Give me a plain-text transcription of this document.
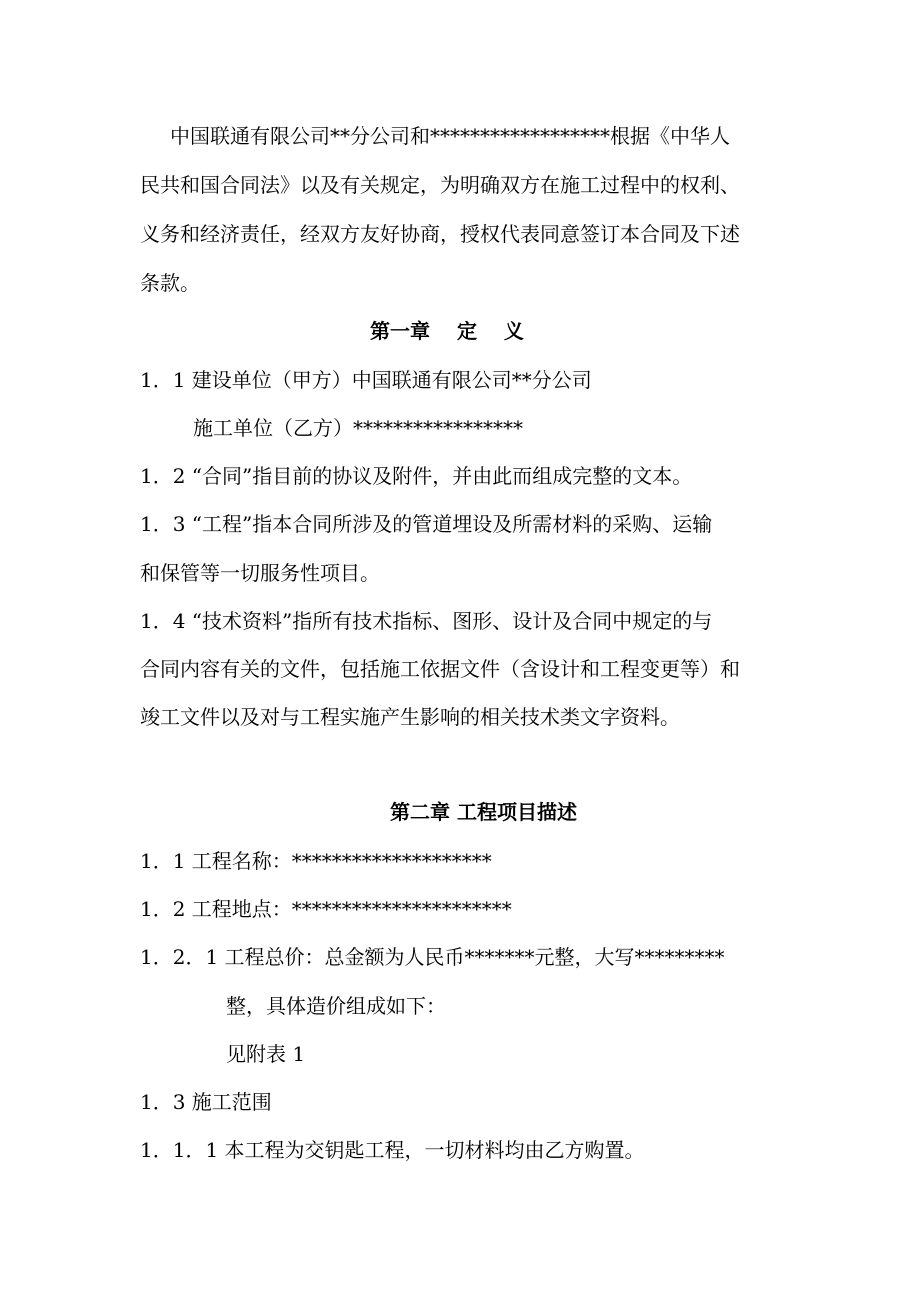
中国联通有限公司**分公司和******************根据《中华人
民共和国合同法》以及有关规定，为明确双方在施工过程中的权利、
义务和经济责任，经双方友好协商，授权代表同意签订本合同及下述
条款。
第一章　 定　 义
1．1 建设单位（甲方）中国联通有限公司**分公司
施工单位（乙方）*****************
1．2 “合同”指目前的协议及附件，并由此而组成完整的文本。
1．3 “工程”指本合同所涉及的管道埋设及所需材料的采购、运输
和保管等一切服务性项目。
1．4 “技术资料”指所有技术指标、图形、设计及合同中规定的与
合同内容有关的文件，包括施工依据文件（含设计和工程变更等）和
竣工文件以及对与工程实施产生影响的相关技术类文字资料。
第二章 工程项目描述
1．1 工程名称：********************
1．2 工程地点：**********************
1．2．1 工程总价：总金额为人民币*******元整，大写*********
整，具体造价组成如下：
见附表 1
1．3 施工范围
1．1．1 本工程为交钥匙工程，一切材料均由乙方购置。
